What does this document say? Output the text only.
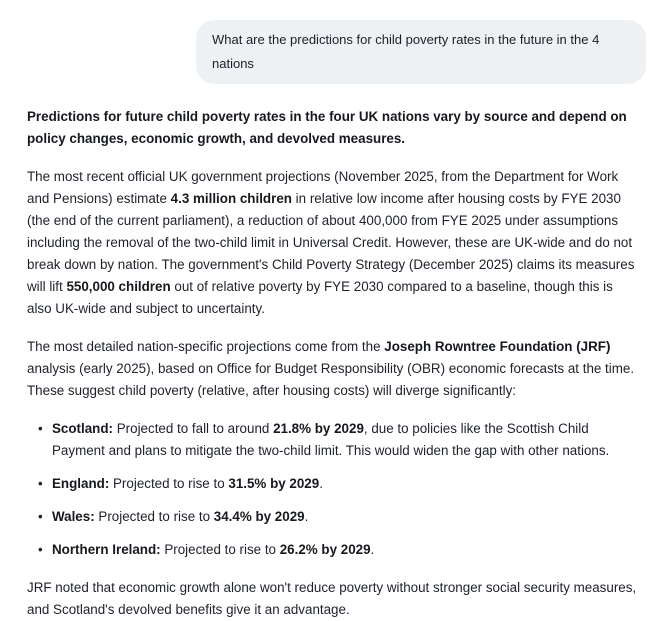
What are the predictions for child poverty rates in the future in the 4 nations

Predictions for future child poverty rates in the four UK nations vary by source and depend on policy changes, economic growth, and devolved measures.

The most recent official UK government projections (November 2025, from the Department for Work and Pensions) estimate 4.3 million children in relative low income after housing costs by FYE 2030 (the end of the current parliament), a reduction of about 400,000 from FYE 2025 under assumptions including the removal of the two-child limit in Universal Credit. However, these are UK-wide and do not break down by nation. The government's Child Poverty Strategy (December 2025) claims its measures will lift 550,000 children out of relative poverty by FYE 2030 compared to a baseline, though this is also UK-wide and subject to uncertainty.

The most detailed nation-specific projections come from the Joseph Rowntree Foundation (JRF) analysis (early 2025), based on Office for Budget Responsibility (OBR) economic forecasts at the time. These suggest child poverty (relative, after housing costs) will diverge significantly:

• Scotland: Projected to fall to around 21.8% by 2029, due to policies like the Scottish Child Payment and plans to mitigate the two-child limit. This would widen the gap with other nations.
• England: Projected to rise to 31.5% by 2029.
• Wales: Projected to rise to 34.4% by 2029.
• Northern Ireland: Projected to rise to 26.2% by 2029.

JRF noted that economic growth alone won't reduce poverty without stronger social security measures, and Scotland's devolved benefits give it an advantage.
